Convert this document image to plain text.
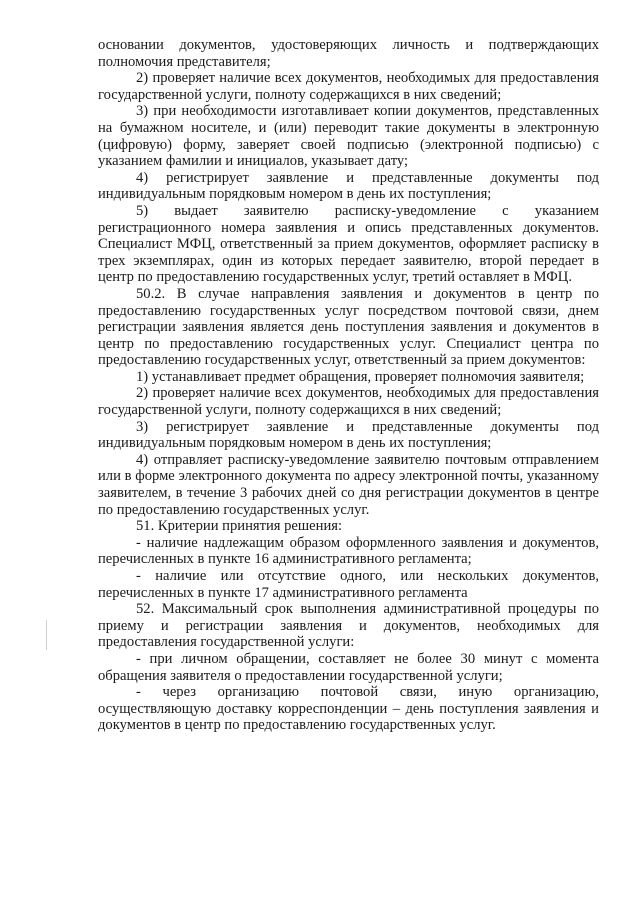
основании документов, удостоверяющих личность и подтверждающих полномочия представителя;

2) проверяет наличие всех документов, необходимых для предоставления государственной услуги, полноту содержащихся в них сведений;

3) при необходимости изготавливает копии документов, представленных на бумажном носителе, и (или) переводит такие документы в электронную (цифровую) форму, заверяет своей подписью (электронной подписью) с указанием фамилии и инициалов, указывает дату;

4) регистрирует заявление и представленные документы под индивидуальным порядковым номером в день их поступления;

5) выдает заявителю расписку-уведомление с указанием регистрационного номера заявления и опись представленных документов. Специалист МФЦ, ответственный за прием документов, оформляет расписку в трех экземплярах, один из которых передает заявителю, второй передает в центр по предоставлению государственных услуг, третий оставляет в МФЦ.

50.2. В случае направления заявления и документов в центр по предоставлению государственных услуг посредством почтовой связи, днем регистрации заявления является день поступления заявления и документов в центр по предоставлению государственных услуг. Специалист центра по предоставлению государственных услуг, ответственный за прием документов:

1) устанавливает предмет обращения, проверяет полномочия заявителя;

2) проверяет наличие всех документов, необходимых для предоставления государственной услуги, полноту содержащихся в них сведений;

3) регистрирует заявление и представленные документы под индивидуальным порядковым номером в день их поступления;

4) отправляет расписку-уведомление заявителю почтовым отправлением или в форме электронного документа по адресу электронной почты, указанному заявителем, в течение 3 рабочих дней со дня регистрации документов в центре по предоставлению государственных услуг.

51. Критерии принятия решения:

- наличие надлежащим образом оформленного заявления и документов, перечисленных в пункте 16 административного регламента;

- наличие или отсутствие одного, или нескольких документов, перечисленных в пункте 17 административного регламента

52. Максимальный срок выполнения административной процедуры по приему и регистрации заявления и документов, необходимых для предоставления государственной услуги:

- при личном обращении, составляет не более 30 минут с момента обращения заявителя о предоставлении государственной услуги;

- через организацию почтовой связи, иную организацию, осуществляющую доставку корреспонденции – день поступления заявления и документов в центр по предоставлению государственных услуг.
